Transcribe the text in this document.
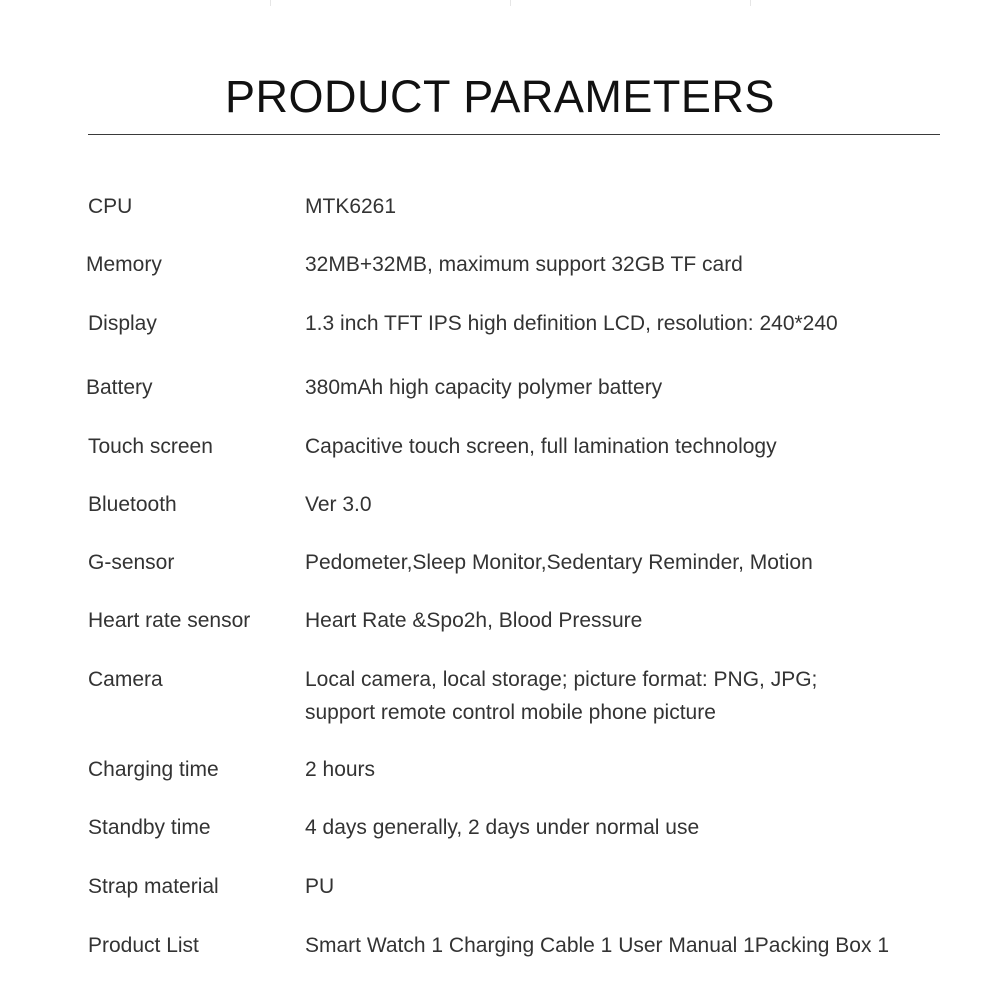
PRODUCT PARAMETERS
CPU	MTK6261
Memory	32MB+32MB, maximum support 32GB TF card
Display	1.3 inch TFT IPS high definition LCD, resolution: 240*240
Battery	380mAh high capacity polymer battery
Touch screen	Capacitive touch screen, full lamination technology
Bluetooth	Ver 3.0
G-sensor	Pedometer,Sleep Monitor,Sedentary Reminder, Motion
Heart rate sensor	Heart Rate &Spo2h, Blood Pressure
Camera	Local camera, local storage; picture format: PNG, JPG;
support remote control mobile phone picture
Charging time	2 hours
Standby time	4 days generally, 2 days under normal use
Strap material	PU
Product List	Smart Watch 1 Charging Cable 1 User Manual 1Packing Box 1
